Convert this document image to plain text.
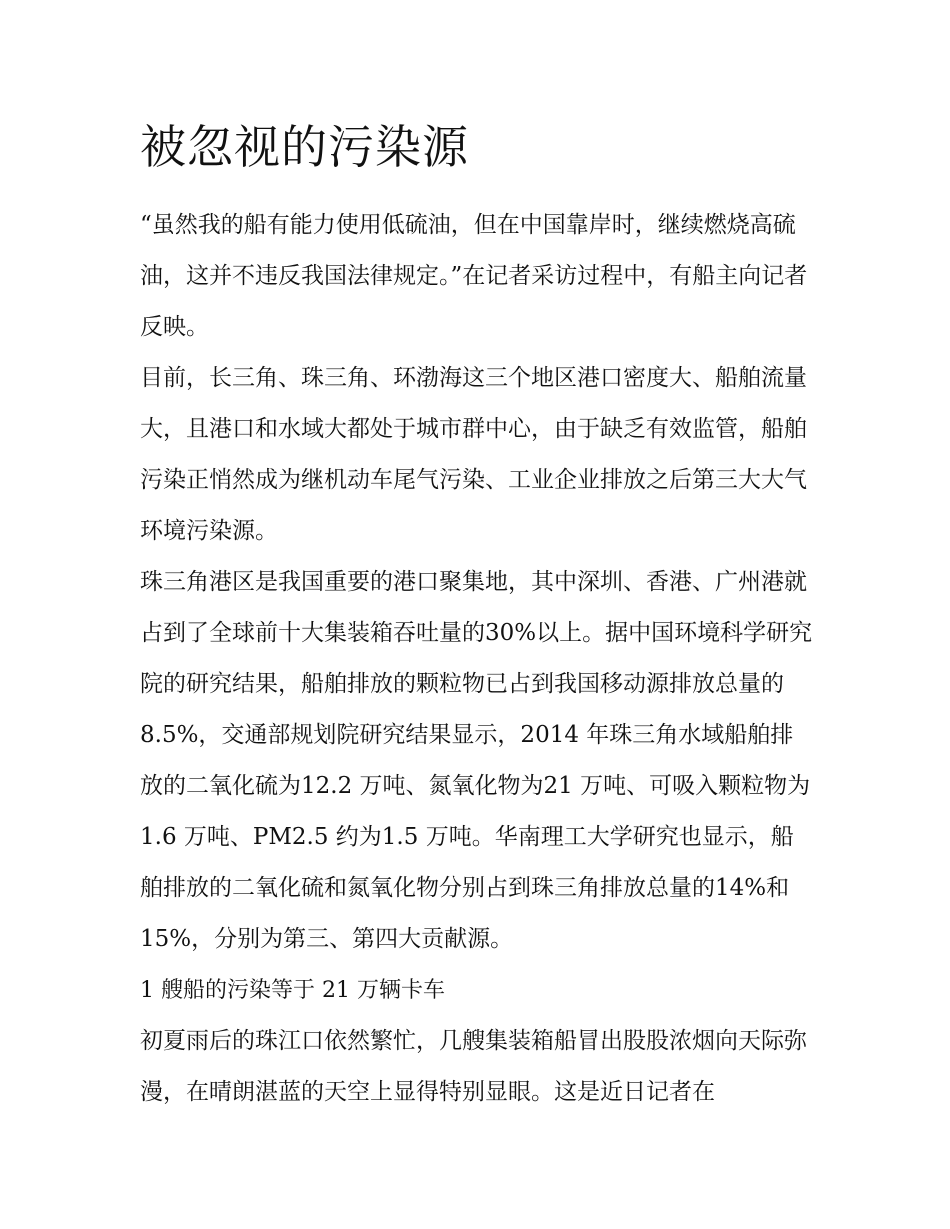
被忽视的污染源

“虽然我的船有能力使用低硫油，但在中国靠岸时，继续燃烧高硫油，这并不违反我国法律规定。”在记者采访过程中，有船主向记者反映。

目前，长三角、珠三角、环渤海这三个地区港口密度大、船舶流量大，且港口和水域大都处于城市群中心，由于缺乏有效监管，船舶污染正悄然成为继机动车尾气污染、工业企业排放之后第三大大气环境污染源。

珠三角港区是我国重要的港口聚集地，其中深圳、香港、广州港就占到了全球前十大集装箱吞吐量的30%以上。据中国环境科学研究院的研究结果，船舶排放的颗粒物已占到我国移动源排放总量的8.5%，交通部规划院研究结果显示，2014 年珠三角水域船舶排放的二氧化硫为12.2 万吨、氮氧化物为21 万吨、可吸入颗粒物为1.6 万吨、PM2.5 约为1.5 万吨。华南理工大学研究也显示，船舶排放的二氧化硫和氮氧化物分别占到珠三角排放总量的14%和15%，分别为第三、第四大贡献源。

1 艘船的污染等于 21 万辆卡车

初夏雨后的珠江口依然繁忙，几艘集装箱船冒出股股浓烟向天际弥漫，在晴朗湛蓝的天空上显得特别显眼。这是近日记者在
